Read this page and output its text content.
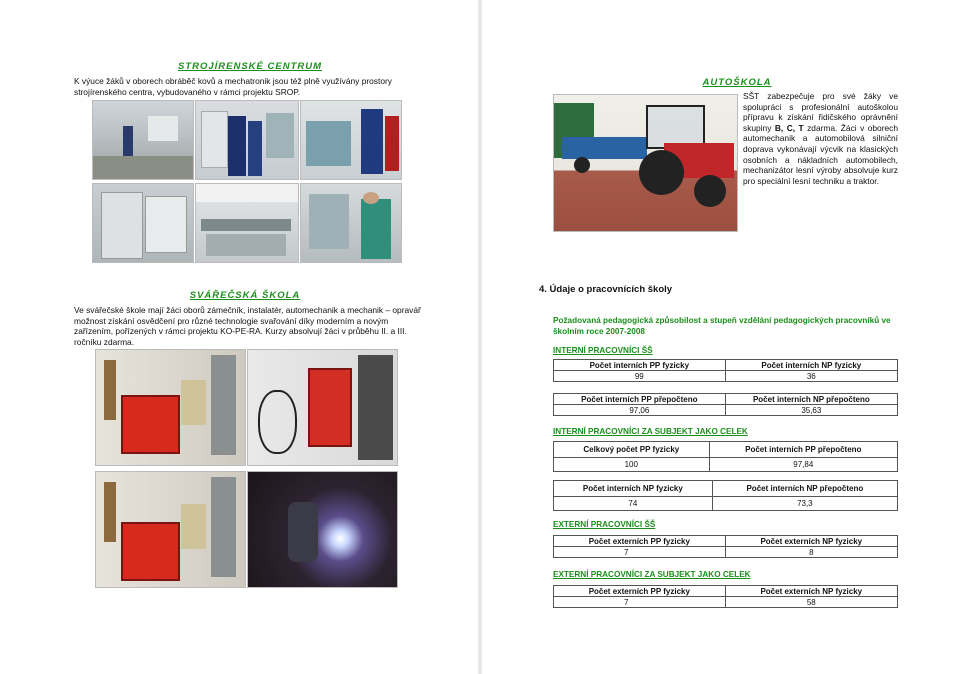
STROJÍRENSKÉ CENTRUM
K výuce žáků v oborech obráběč kovů a mechatronik jsou též plně využívány prostory strojírenského centra, vybudovaného v rámci projektu SROP.
SVÁŘEČSKÁ ŠKOLA
Ve svářečské škole mají žáci oborů zámečník, instalatér, automechanik a mechanik – opravář možnost získání osvědčení pro různé technologie svařování díky moderním a novým zařízením, pořízených v rámci projektu KO-PE-RA. Kurzy absolvují žáci v průběhu II. a III. ročníku zdarma.
AUTOŠKOLA
SŠT zabezpečuje pro své žáky ve spolupráci s profesionální autoškolou přípravu k získání řidičského oprávnění skupiny B, C, T zdarma. Žáci v oborech automechanik a automobilová silniční doprava vykonávají výcvik na klasických osobních a nákladních automobilech, mechanizátor lesní výroby absolvuje kurz pro speciální lesní techniku a traktor.
4. Údaje o pracovnících školy
Požadovaná pedagogická způsobilost a stupeň vzdělání pedagogických pracovníků ve školním roce 2007-2008
INTERNÍ PRACOVNÍCI ŠŠ
Počet interních PP fyzicky	Počet interních NP fyzicky
99	36
Počet interních PP přepočteno	Počet interních NP přepočteno
97,06	35,63
INTERNÍ PRACOVNÍCI ZA SUBJEKT JAKO CELEK
Celkový počet PP fyzicky	Počet interních PP přepočteno
100	97,84
Počet interních NP fyzicky	Počet interních NP přepočteno
74	73,3
EXTERNÍ PRACOVNÍCI ŠŠ
Počet externích PP fyzicky	Počet externích NP fyzicky
7	8
EXTERNÍ PRACOVNÍCI ZA SUBJEKT JAKO CELEK
Počet externích PP fyzicky	Počet externích NP fyzicky
7	58
